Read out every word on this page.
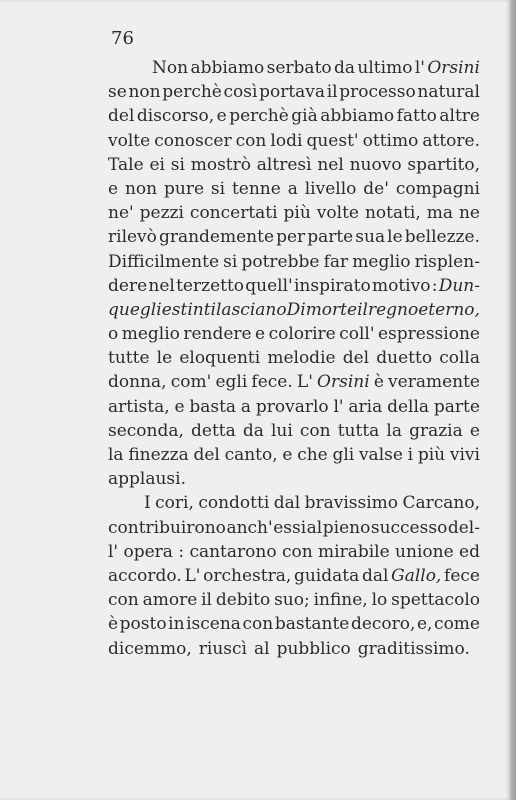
76
Non abbiamo serbato da ultimo l' Orsini
se non perchè così portava il processo natural
del discorso, e perchè già abbiamo fatto altre
volte conoscer con lodi quest' ottimo attore.
Tale ei si mostrò altresì nel nuovo spartito,
e non pure si tenne a livello de' compagni
ne' pezzi concertati più volte notati, ma ne
rilevò grandemente per parte sua le bellezze.
Difficilmente si potrebbe far meglio risplen-
dere nel terzetto quell' inspirato motivo : Dun-
que gli estinti lasciano Di morte il regno eterno,
o meglio rendere e colorire coll' espressione
tutte le eloquenti melodie del duetto colla
donna, com' egli fece. L' Orsini è veramente
artista, e basta a provarlo l' aria della parte
seconda, detta da lui con tutta la grazia e
la finezza del canto, e che gli valse i più vivi
applausi.
I cori, condotti dal bravissimo Carcano,
contribuirono anch' essi al pieno successo del-
l' opera : cantarono con mirabile unione ed
accordo. L' orchestra, guidata dal Gallo, fece
con amore il debito suo; infine, lo spettacolo
è posto in iscena con bastante decoro, e, come
dicemmo, riuscì al pubblico graditissimo.
